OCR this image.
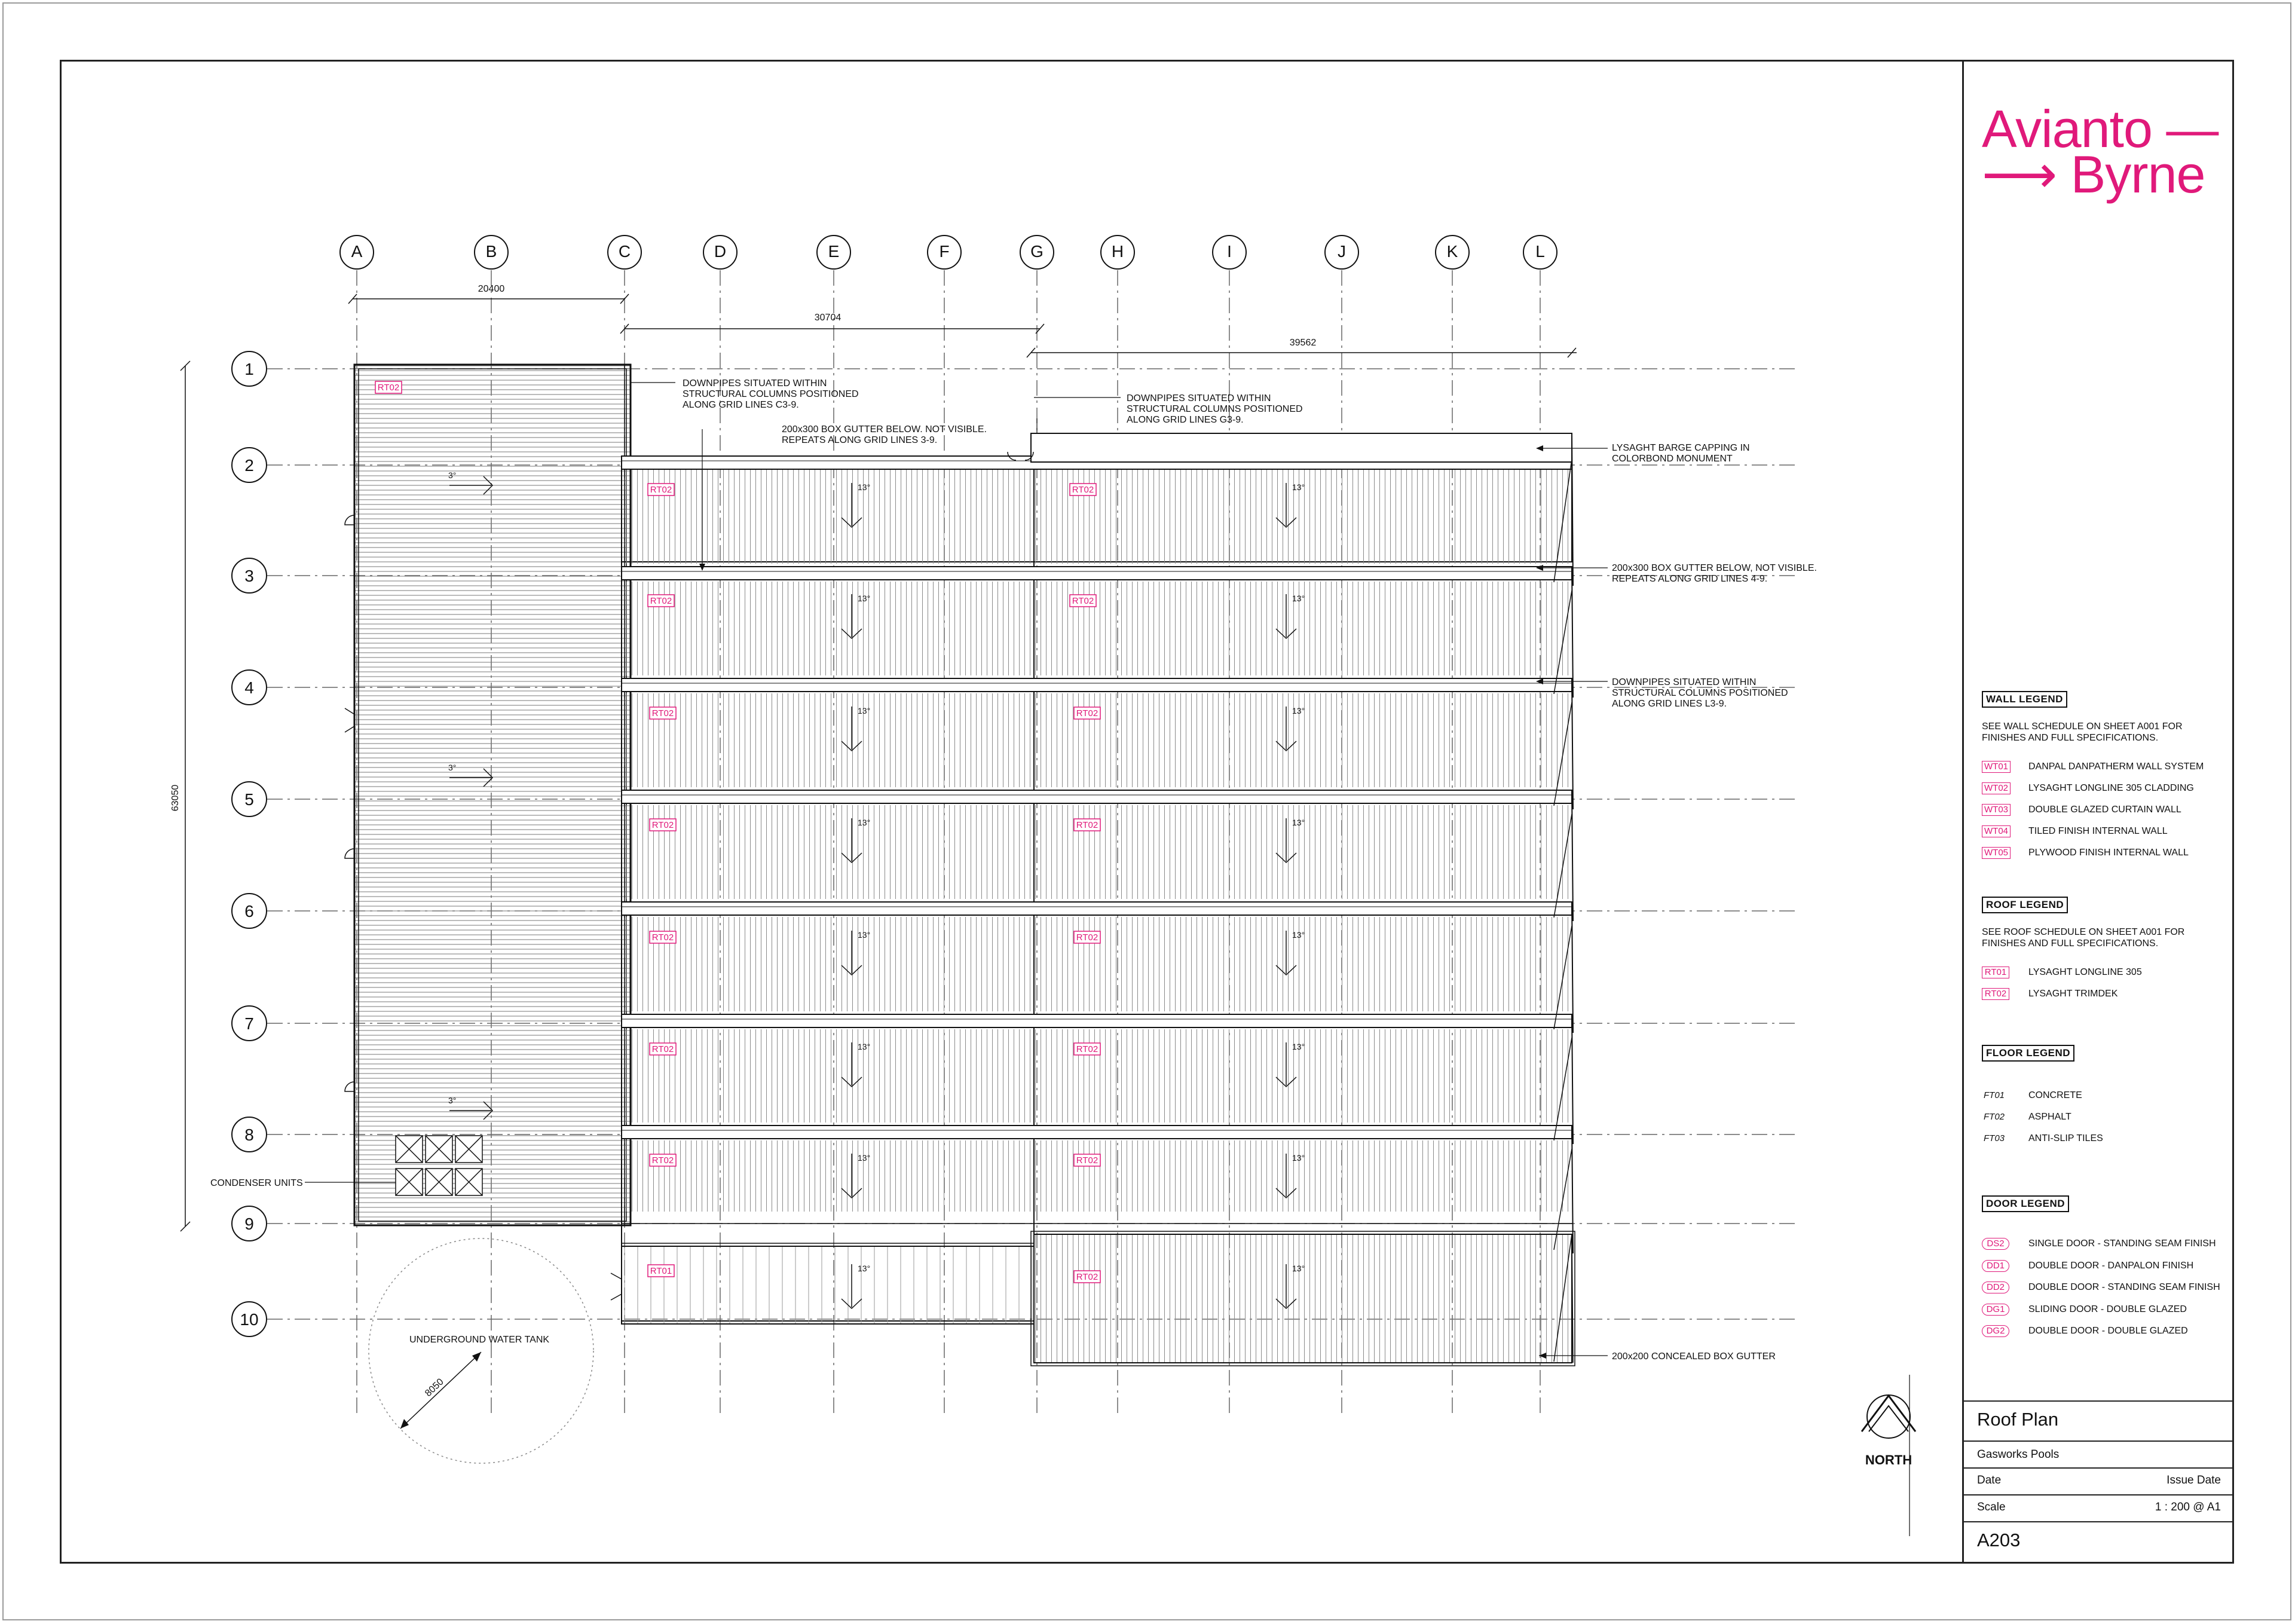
A	B	C	D	E	F	G	H	I	J	K	L
1
2
3
4
5
6
7
8
9
10
RT02
RT02	RT02
13°	13°
RT02	RT02
13°	13°
RT02	RT02
13°	13°
RT02	RT02
13°	13°
RT02	RT02
13°	13°
RT02	RT02
13°	13°
RT02	RT02
13°	13°
RT01
RT02
13°	13°
3°
3°
3°
DOWNPIPES SITUATED WITHIN
STRUCTURAL COLUMNS POSITIONED
ALONG GRID LINES C3-9.
200x300 BOX GUTTER BELOW. NOT VISIBLE.
REPEATS ALONG GRID LINES 3-9.
DOWNPIPES SITUATED WITHIN
STRUCTURAL COLUMNS POSITIONED
ALONG GRID LINES G3-9.
LYSAGHT BARGE CAPPING IN
COLORBOND MONUMENT
200x300 BOX GUTTER BELOW, NOT VISIBLE.
REPEATS ALONG GRID LINES 4-9.
DOWNPIPES SITUATED WITHIN
STRUCTURAL COLUMNS POSITIONED
ALONG GRID LINES L3-9.
20400
30704
39562
63050
8050
200x200 CONCEALED BOX GUTTER
CONDENSER UNITS
UNDERGROUND WATER TANK
NORTH
Avianto —
⟶ Byrne
WALL LEGEND
SEE WALL SCHEDULE ON SHEET A001 FOR FINISHES AND FULL SPECIFICATIONS.
WT01 DANPAL DANPATHERM WALL SYSTEM
WT02 LYSAGHT LONGLINE 305 CLADDING
WT03 DOUBLE GLAZED CURTAIN WALL
WT04 TILED FINISH INTERNAL WALL
WT05 PLYWOOD FINISH INTERNAL WALL
ROOF LEGEND
SEE ROOF SCHEDULE ON SHEET A001 FOR FINISHES AND FULL SPECIFICATIONS.
RT01 LYSAGHT LONGLINE 305
RT02 LYSAGHT TRIMDEK
FLOOR LEGEND
FT01	CONCRETE
FT02	ASPHALT
FT03	ANTI-SLIP TILES
DOOR LEGEND
DS2	SINGLE DOOR - STANDING SEAM FINISH
DD1	DOUBLE DOOR - DANPALON FINISH
DD2	DOUBLE DOOR - STANDING SEAM FINISH
DG1	SLIDING DOOR - DOUBLE GLAZED
DG2	DOUBLE DOOR - DOUBLE GLAZED
Roof Plan
Gasworks Pools
Date	Issue Date
Scale	1 : 200 @ A1
A203
